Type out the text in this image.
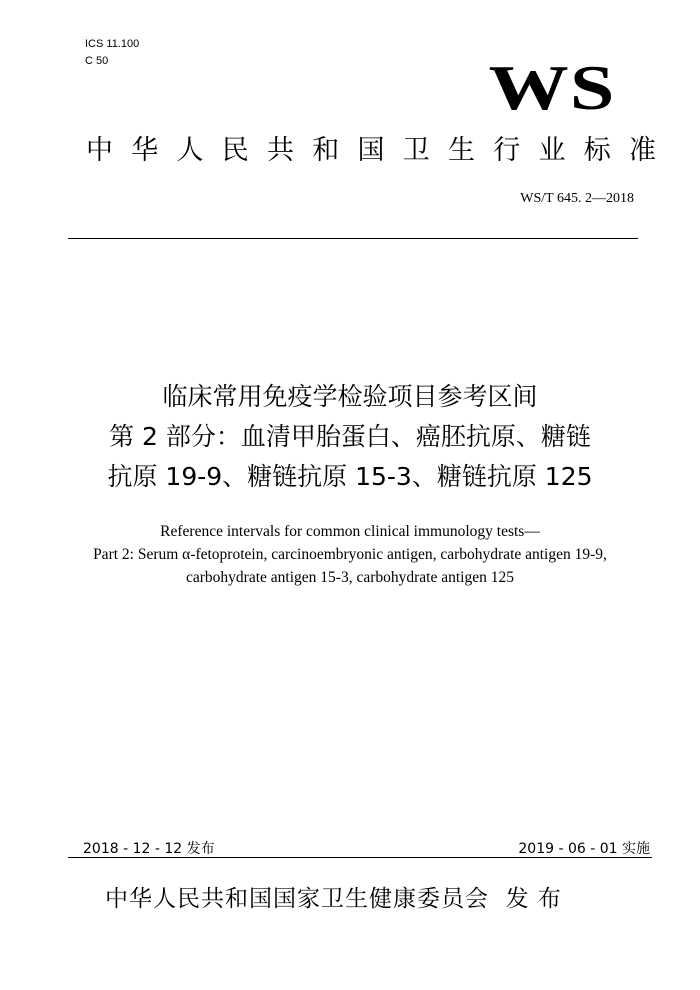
ICS 11.100
C 50	WS
中 华 人 民 共 和 国 卫 生 行 业 标 准
WS/T 645. 2—2018
临床常用免疫学检验项目参考区间
第 2 部分：血清甲胎蛋白、癌胚抗原、糖链
抗原 19-9、糖链抗原 15-3、糖链抗原 125
Reference intervals for common clinical immunology tests—
Part 2: Serum α-fetoprotein, carcinoembryonic antigen, carbohydrate antigen 19-9,
carbohydrate antigen 15-3, carbohydrate antigen 125
2018 - 12 - 12 发布	2019 - 06 - 01 实施
中华人民共和国国家卫生健康委员会  发 布
